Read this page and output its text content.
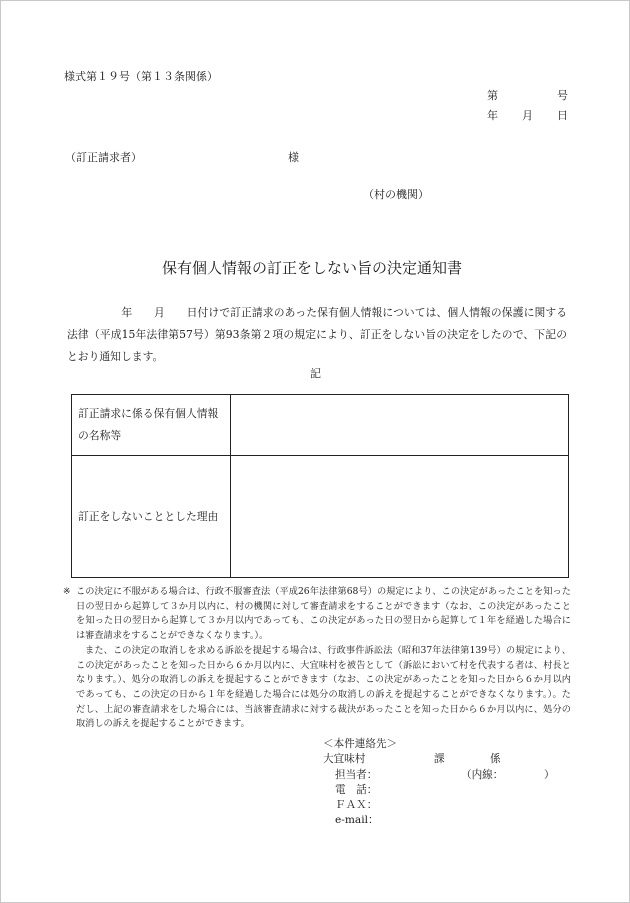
様式第１９号（第１３条関係）
第	号
年 月 日
（訂正請求者）	様
（村の機関）
保有個人情報の訂正をしない旨の決定通知書
　　　　　年　　月　　日付けで訂正請求のあった保有個人情報については、個人情報の保護に関する法律（平成15年法律第57号）第93条第２項の規定により、訂正をしない旨の決定をしたので、下記のとおり通知します。
記
訂正請求に係る保有個人情報の名称等	
訂正をしないこととした理由	
※ この決定に不服がある場合は、行政不服審査法（平成26年法律第68号）の規定により、この決定があったことを知った日の翌日から起算して３か月以内に、村の機関に対して審査請求をすることができます（なお、この決定があったことを知った日の翌日から起算して３か月以内であっても、この決定があった日の翌日から起算して１年を経過した場合には審査請求をすることができなくなります。）。

また、この決定の取消しを求める訴訟を提起する場合は、行政事件訴訟法（昭和37年法律第139号）の規定により、この決定があったことを知った日から６か月以内に、大宜味村を被告として（訴訟において村を代表する者は、村長となります。）、処分の取消しの訴えを提起することができます（なお、この決定があったことを知った日から６か月以内であっても、この決定の日から１年を経過した場合には処分の取消しの訴えを提起することができなくなります。）。ただし、上記の審査請求をした場合には、当該審査請求に対する裁決があったことを知った日から６か月以内に、処分の取消しの訴えを提起することができます。

＜本件連絡先＞
大宜味村	課	係
担当者：	（内線：	）
電　話：
ＦＡＸ：
e-mail：
